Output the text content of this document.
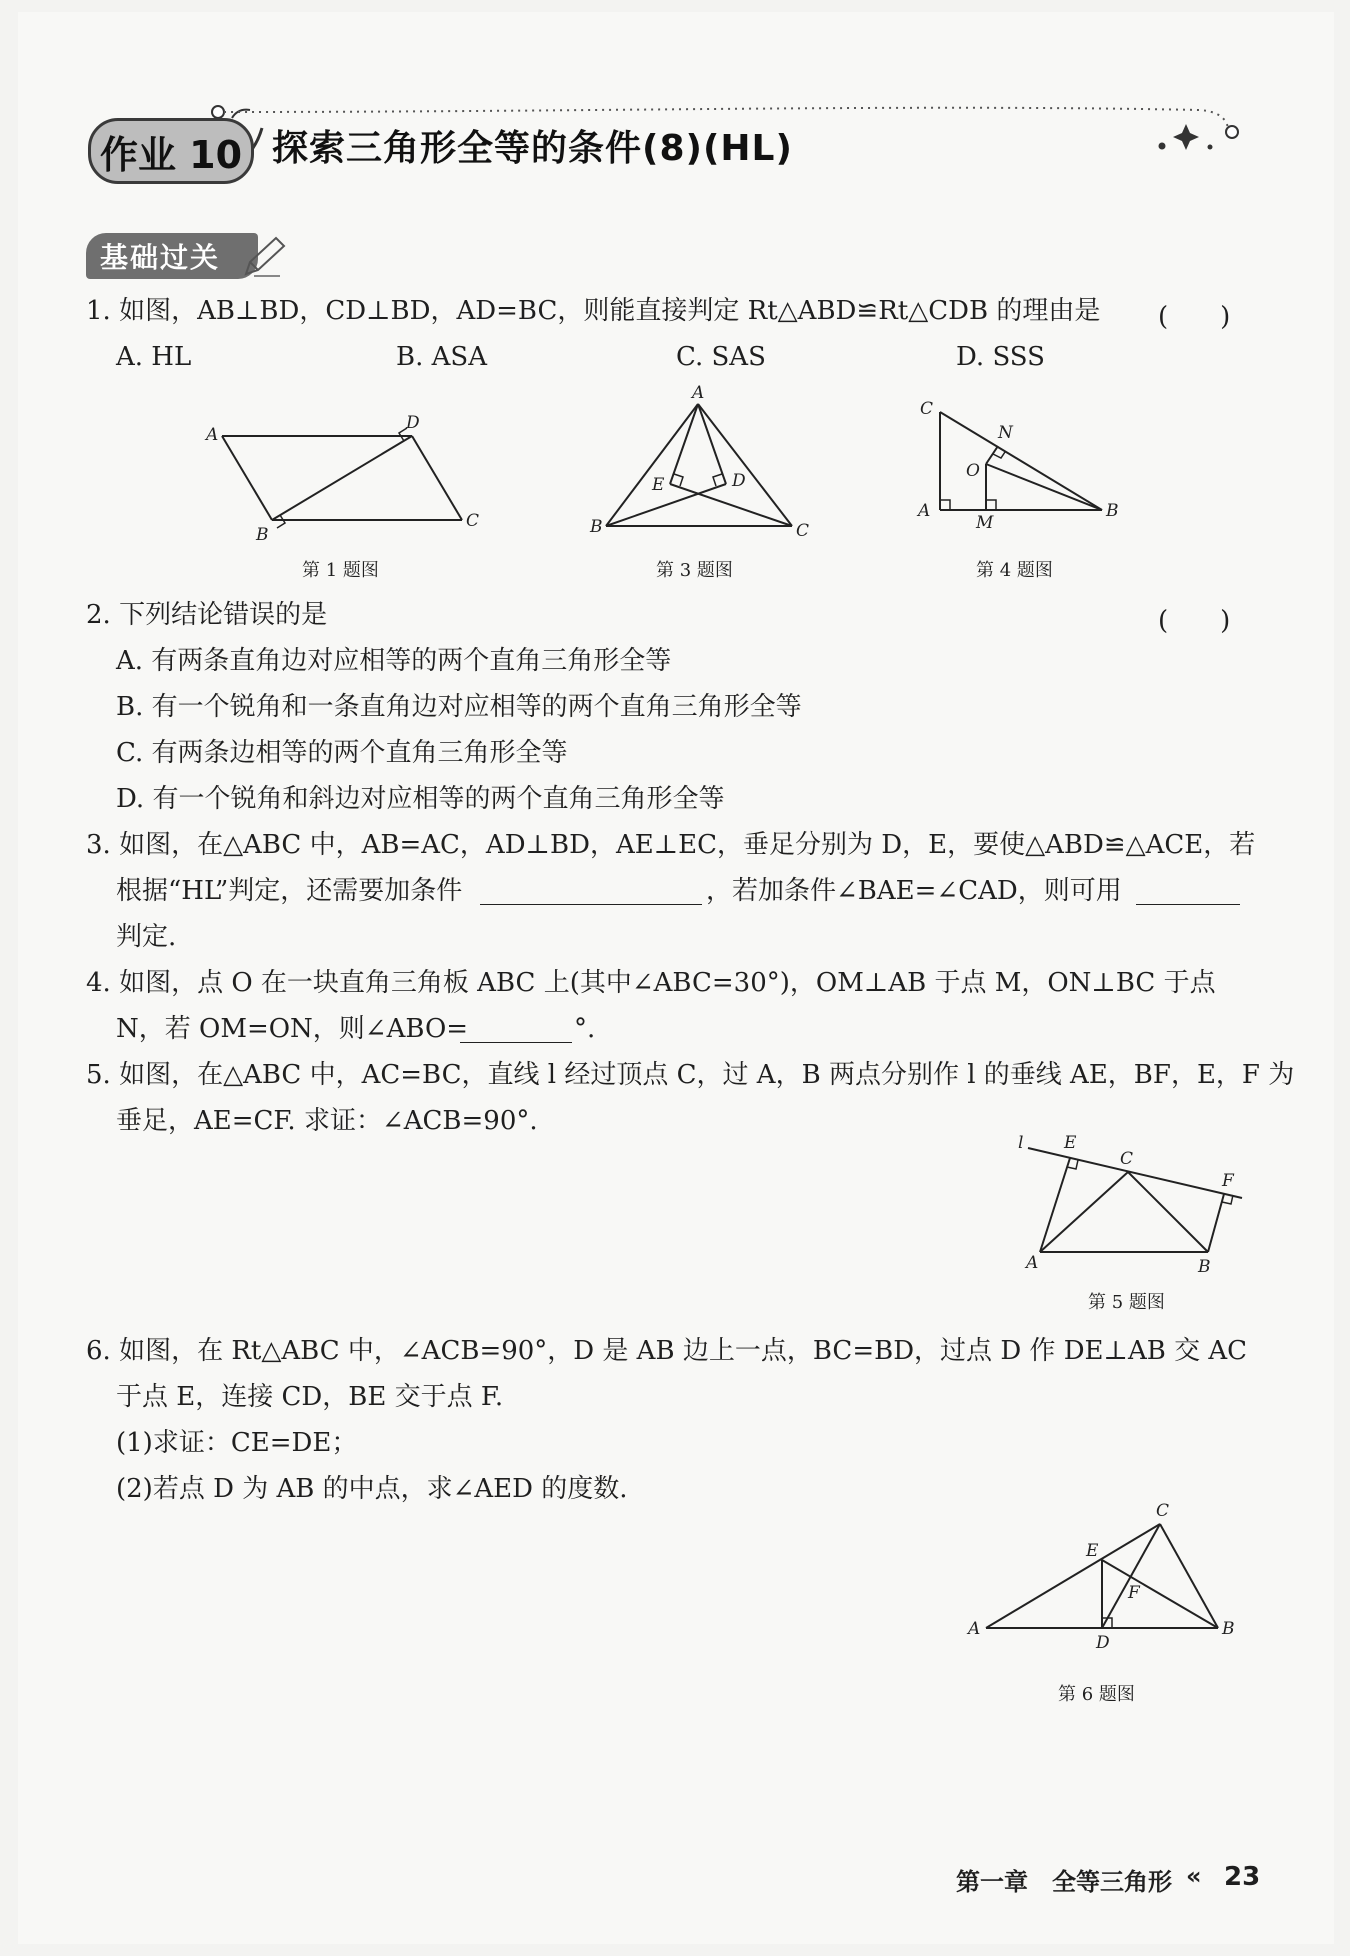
作业 10 探索三角形全等的条件(8)(HL)
基础过关
1. 如图，AB⊥BD，CD⊥BD，AD=BC，则能直接判定 Rt△ABD≌Rt△CDB 的理由是 (　　)
A. HL	B. ASA	C. SAS	D. SSS
A
D
B
C
第 1 题图
A
E	D
B	C
第 3 题图
C
N
O
A
M
B
第 4 题图
2. 下列结论错误的是	(　　)
A. 有两条直角边对应相等的两个直角三角形全等
B. 有一个锐角和一条直角边对应相等的两个直角三角形全等
C. 有两条边相等的两个直角三角形全等
D. 有一个锐角和斜边对应相等的两个直角三角形全等
3. 如图，在△ABC 中，AB=AC，AD⊥BD，AE⊥EC，垂足分别为 D，E，要使△ABD≌△ACE，若
根据“HL”判定，还需要加条件	，若加条件∠BAE=∠CAD，则可用
判定.
4. 如图，点 O 在一块直角三角板 ABC 上(其中∠ABC=30°)，OM⊥AB 于点 M，ON⊥BC 于点
N，若 OM=ON，则∠ABO=	°.
5. 如图，在△ABC 中，AC=BC，直线 l 经过顶点 C，过 A，B 两点分别作 l 的垂线 AE，BF，E，F 为
垂足，AE=CF. 求证：∠ACB=90°.
l E
C
F
A	B
第 5 题图
6. 如图，在 Rt△ABC 中，∠ACB=90°，D 是 AB 边上一点，BC=BD，过点 D 作 DE⊥AB 交 AC
于点 E，连接 CD，BE 交于点 F.
(1)求证：CE=DE；
(2)若点 D 为 AB 的中点，求∠AED 的度数.
C
E
F
A
D
B
第 6 题图
第一章　全等三角形 « 23
